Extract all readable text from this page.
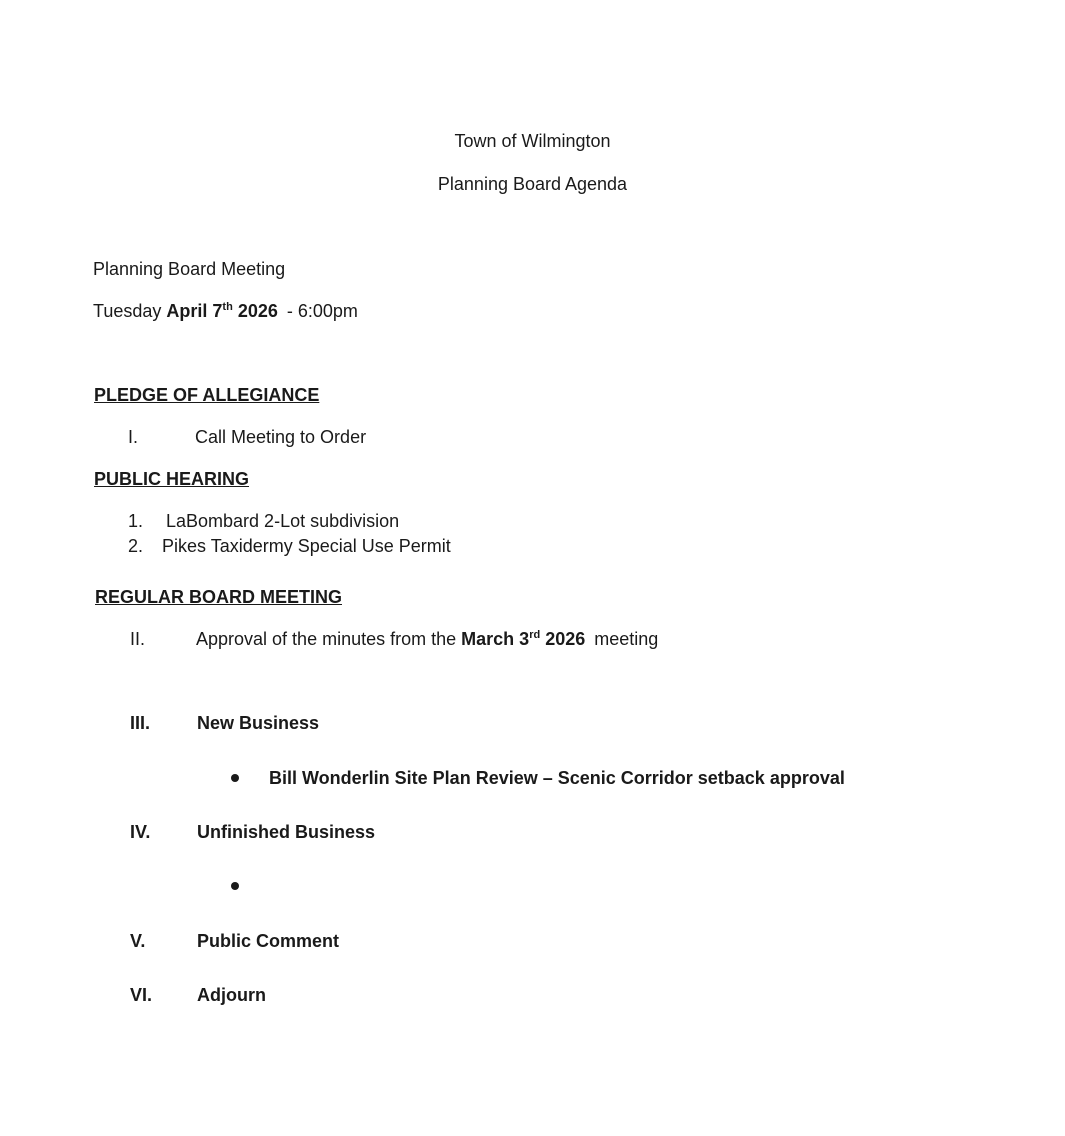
Town of Wilmington
Planning Board Agenda
Planning Board Meeting
Tuesday April 7th 2026 - 6:00pm
PLEDGE OF ALLEGIANCE
I.	Call Meeting to Order
PUBLIC HEARING
1. LaBombard 2-Lot subdivision
2. Pikes Taxidermy Special Use Permit
REGULAR BOARD MEETING
II.	Approval of the minutes from the March 3rd 2026 meeting
III.	New Business
Bill Wonderlin Site Plan Review – Scenic Corridor setback approval
IV.	Unfinished Business
V.	Public Comment
VI. Adjourn
